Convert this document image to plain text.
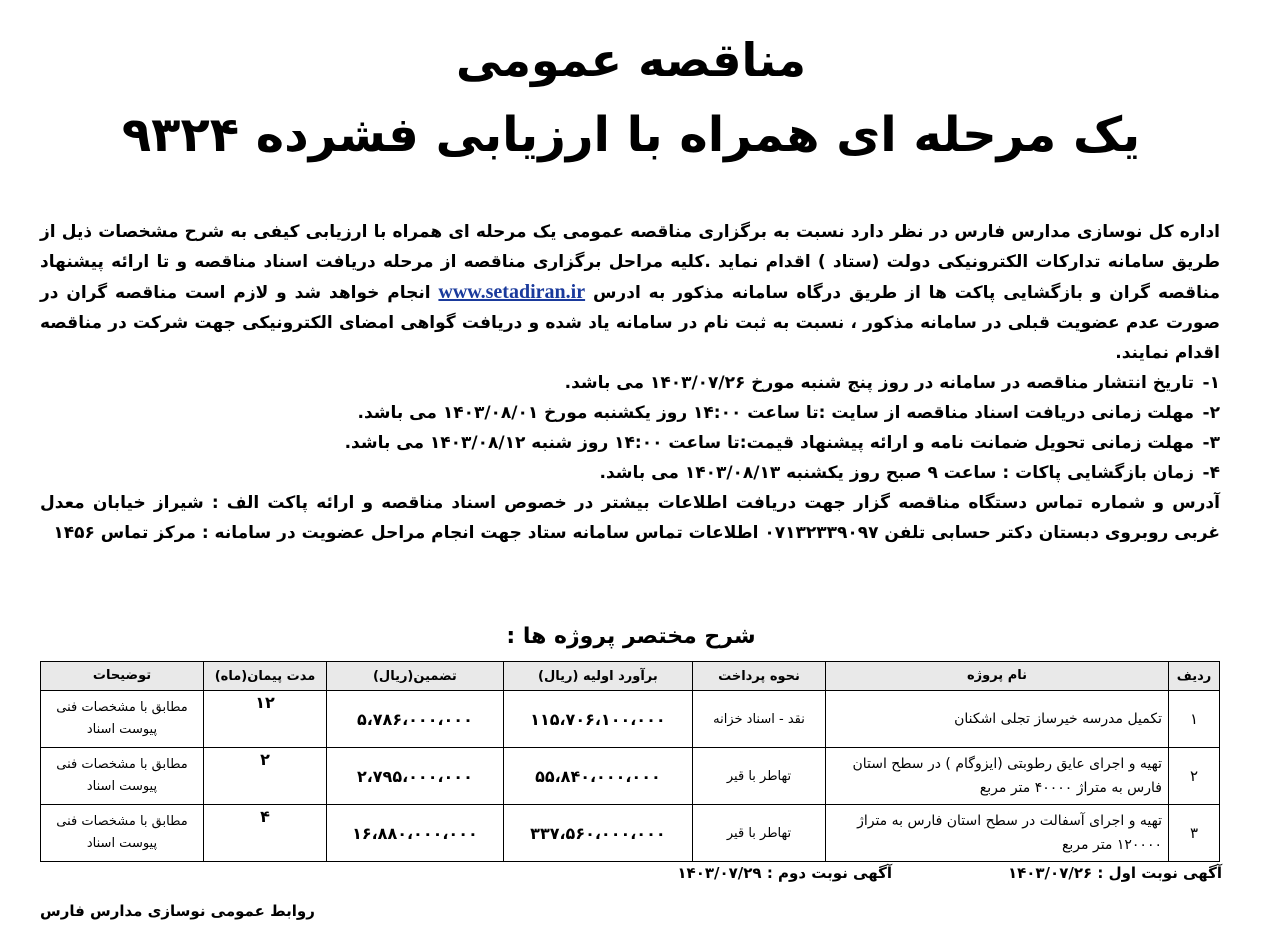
مناقصه عمومی
یک مرحله ای همراه با ارزیابی فشرده ۹۳۲۴

اداره کل نوسازی مدارس فارس در نظر دارد نسبت به برگزاری مناقصه عمومی یک مرحله ای همراه با ارزیابی کیفی به شرح مشخصات ذیل از طریق سامانه تدارکات الکترونیکی دولت (ستاد ) اقدام نماید .کلیه مراحل برگزاری مناقصه از مرحله دریافت اسناد مناقصه و تا ارائه پیشنهاد مناقصه گران و بازگشایی پاکت ها از طریق درگاه سامانه مذکور به ادرس www.setadiran.ir انجام خواهد شد و لازم است مناقصه گران در صورت عدم عضویت قبلی در سامانه مذکور ، نسبت به ثبت نام در سامانه یاد شده و دریافت گواهی امضای الکترونیکی جهت شرکت در مناقصه اقدام نمایند.

۱-
تاریخ انتشار مناقصه در سامانه در روز پنج شنبه مورخ ۱۴۰۳/۰۷/۲۶ می باشد.
۲-
مهلت زمانی دریافت اسناد مناقصه از سایت :تا ساعت ۱۴:۰۰ روز یکشنبه مورخ ۱۴۰۳/۰۸/۰۱ می باشد.
۳-
مهلت زمانی تحویل ضمانت نامه و ارائه پیشنهاد قیمت:تا ساعت ۱۴:۰۰ روز شنبه ۱۴۰۳/۰۸/۱۲ می باشد.
۴-
زمان بازگشایی پاکات : ساعت ۹ صبح روز یکشنبه ۱۴۰۳/۰۸/۱۳ می باشد.

آدرس و شماره تماس دستگاه مناقصه گزار جهت دریافت اطلاعات بیشتر در خصوص اسناد مناقصه و ارائه پاکت الف : شیراز خیابان معدل غربی روبروی دبستان دکتر حسابی تلفن ۰۷۱۳۲۳۳۹۰۹۷ اطلاعات تماس سامانه ستاد جهت انجام مراحل عضویت در سامانه : مرکز تماس ۱۴۵۶

شرح مختصر پروژه ها :
ردیف	نام پروژه	نحوه پرداخت	برآورد اولیه (ریال)	تضمین(ریال)	مدت پیمان(ماه)	توضیحات
۱	تکمیل مدرسه خیرساز تجلی اشکنان	نقد - اسناد خزانه	۱۱۵،۷۰۶،۱۰۰،۰۰۰	۵،۷۸۶،۰۰۰،۰۰۰	۱۲	مطابق با مشخصات فنی پیوست اسناد
۲	تهیه و اجرای عایق رطوبتی (ایزوگام ) در سطح استان فارس به متراژ ۴۰۰۰۰ متر مربع	تهاطر با قیر	۵۵،۸۴۰،۰۰۰،۰۰۰	۲،۷۹۵،۰۰۰،۰۰۰	۲	مطابق با مشخصات فنی پیوست اسناد
۳	تهیه و اجرای آسفالت در سطح استان فارس به متراژ ۱۲۰۰۰۰ متر مربع	تهاطر با قیر	۳۳۷،۵۶۰،۰۰۰،۰۰۰	۱۶،۸۸۰،۰۰۰،۰۰۰	۴	مطابق با مشخصات فنی پیوست اسناد
آگهی نوبت اول : ۱۴۰۳/۰۷/۲۶
آگهی نوبت دوم : ۱۴۰۳/۰۷/۲۹
روابط عمومی نوسازی مدارس فارس
